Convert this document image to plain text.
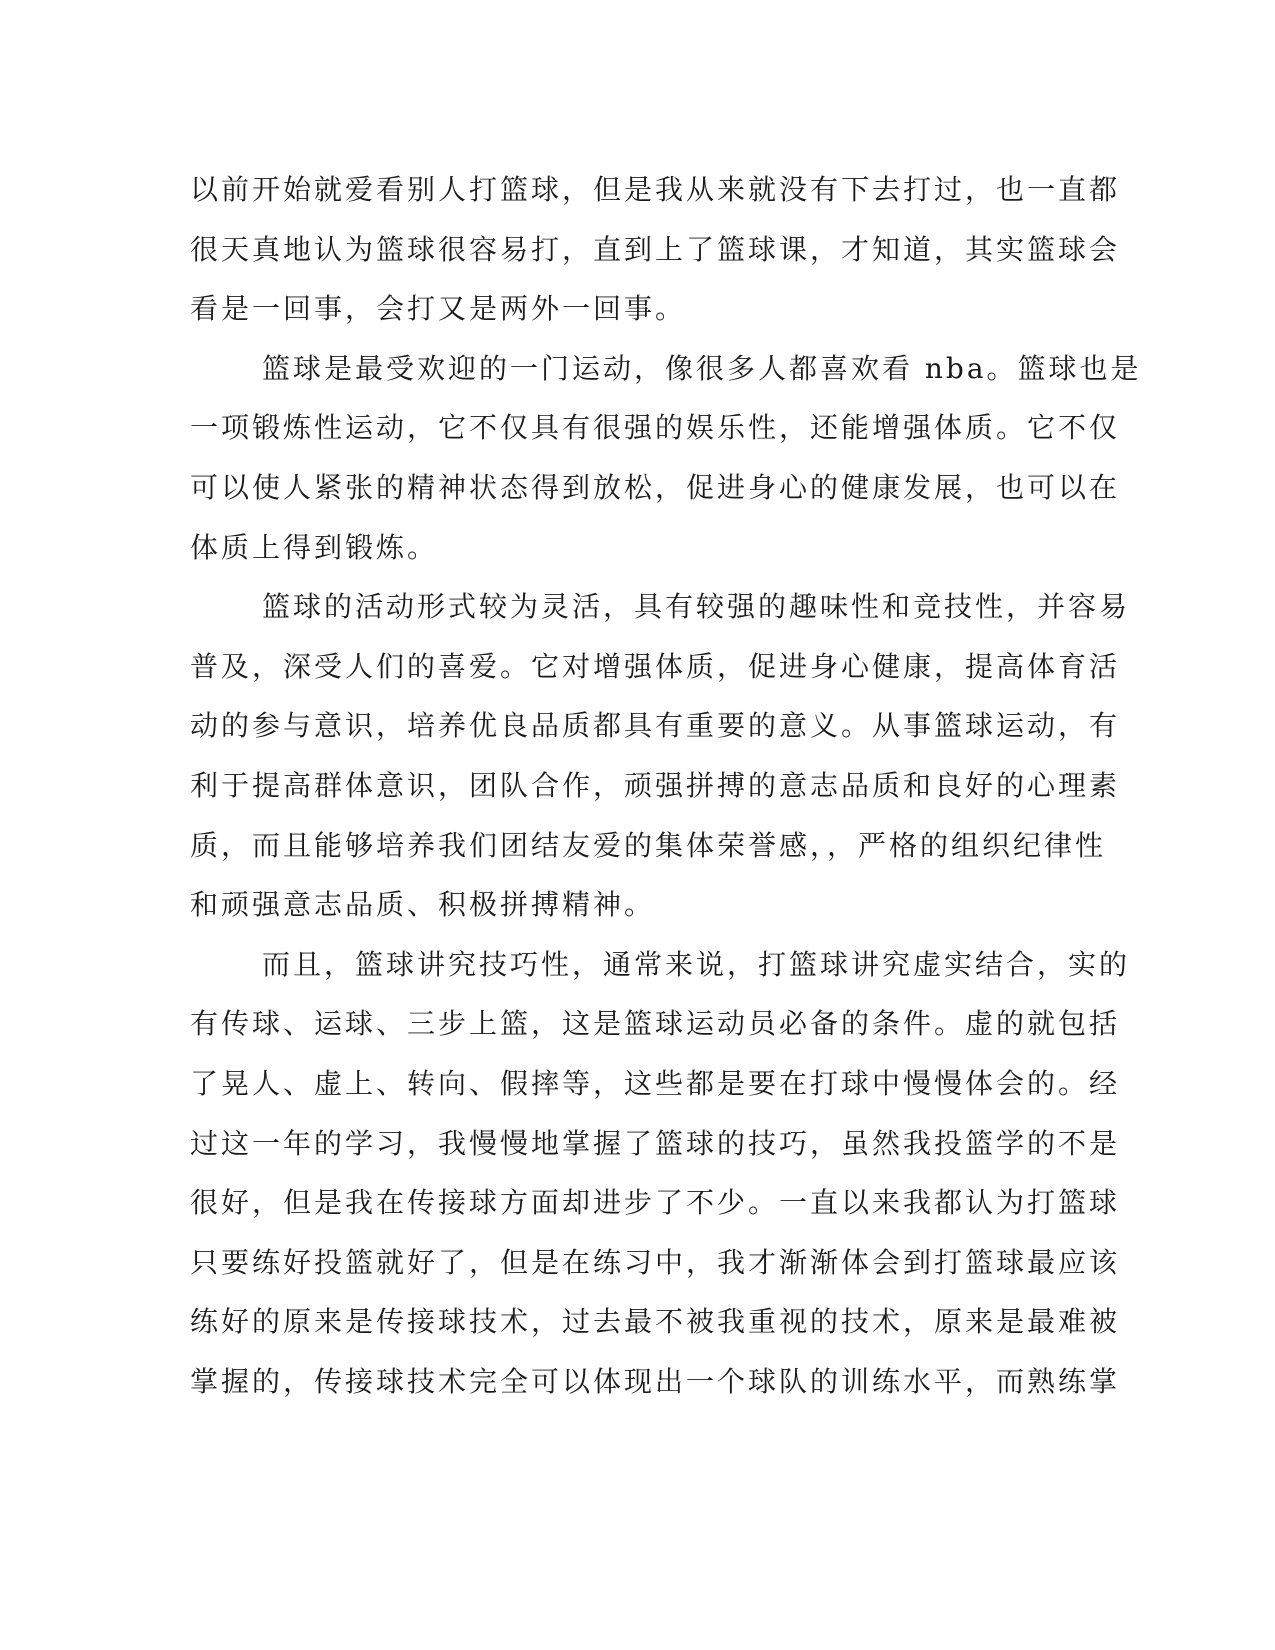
以前开始就爱看别人打篮球，但是我从来就没有下去打过，也一直都
很天真地认为篮球很容易打，直到上了篮球课，才知道，其实篮球会
看是一回事，会打又是两外一回事。
篮球是最受欢迎的一门运动，像很多人都喜欢看 nba。篮球也是
一项锻炼性运动，它不仅具有很强的娱乐性，还能增强体质。它不仅
可以使人紧张的精神状态得到放松，促进身心的健康发展，也可以在
体质上得到锻炼。
篮球的活动形式较为灵活，具有较强的趣味性和竞技性，并容易
普及，深受人们的喜爱。它对增强体质，促进身心健康，提高体育活
动的参与意识，培养优良品质都具有重要的意义。从事篮球运动，有
利于提高群体意识，团队合作，顽强拼搏的意志品质和良好的心理素
质，而且能够培养我们团结友爱的集体荣誉感，，严格的组织纪律性
和顽强意志品质、积极拼搏精神。
而且，篮球讲究技巧性，通常来说，打篮球讲究虚实结合，实的
有传球、运球、三步上篮，这是篮球运动员必备的条件。虚的就包括
了晃人、虚上、转向、假摔等，这些都是要在打球中慢慢体会的。经
过这一年的学习，我慢慢地掌握了篮球的技巧，虽然我投篮学的不是
很好，但是我在传接球方面却进步了不少。一直以来我都认为打篮球
只要练好投篮就好了，但是在练习中，我才渐渐体会到打篮球最应该
练好的原来是传接球技术，过去最不被我重视的技术，原来是最难被
掌握的，传接球技术完全可以体现出一个球队的训练水平，而熟练掌
